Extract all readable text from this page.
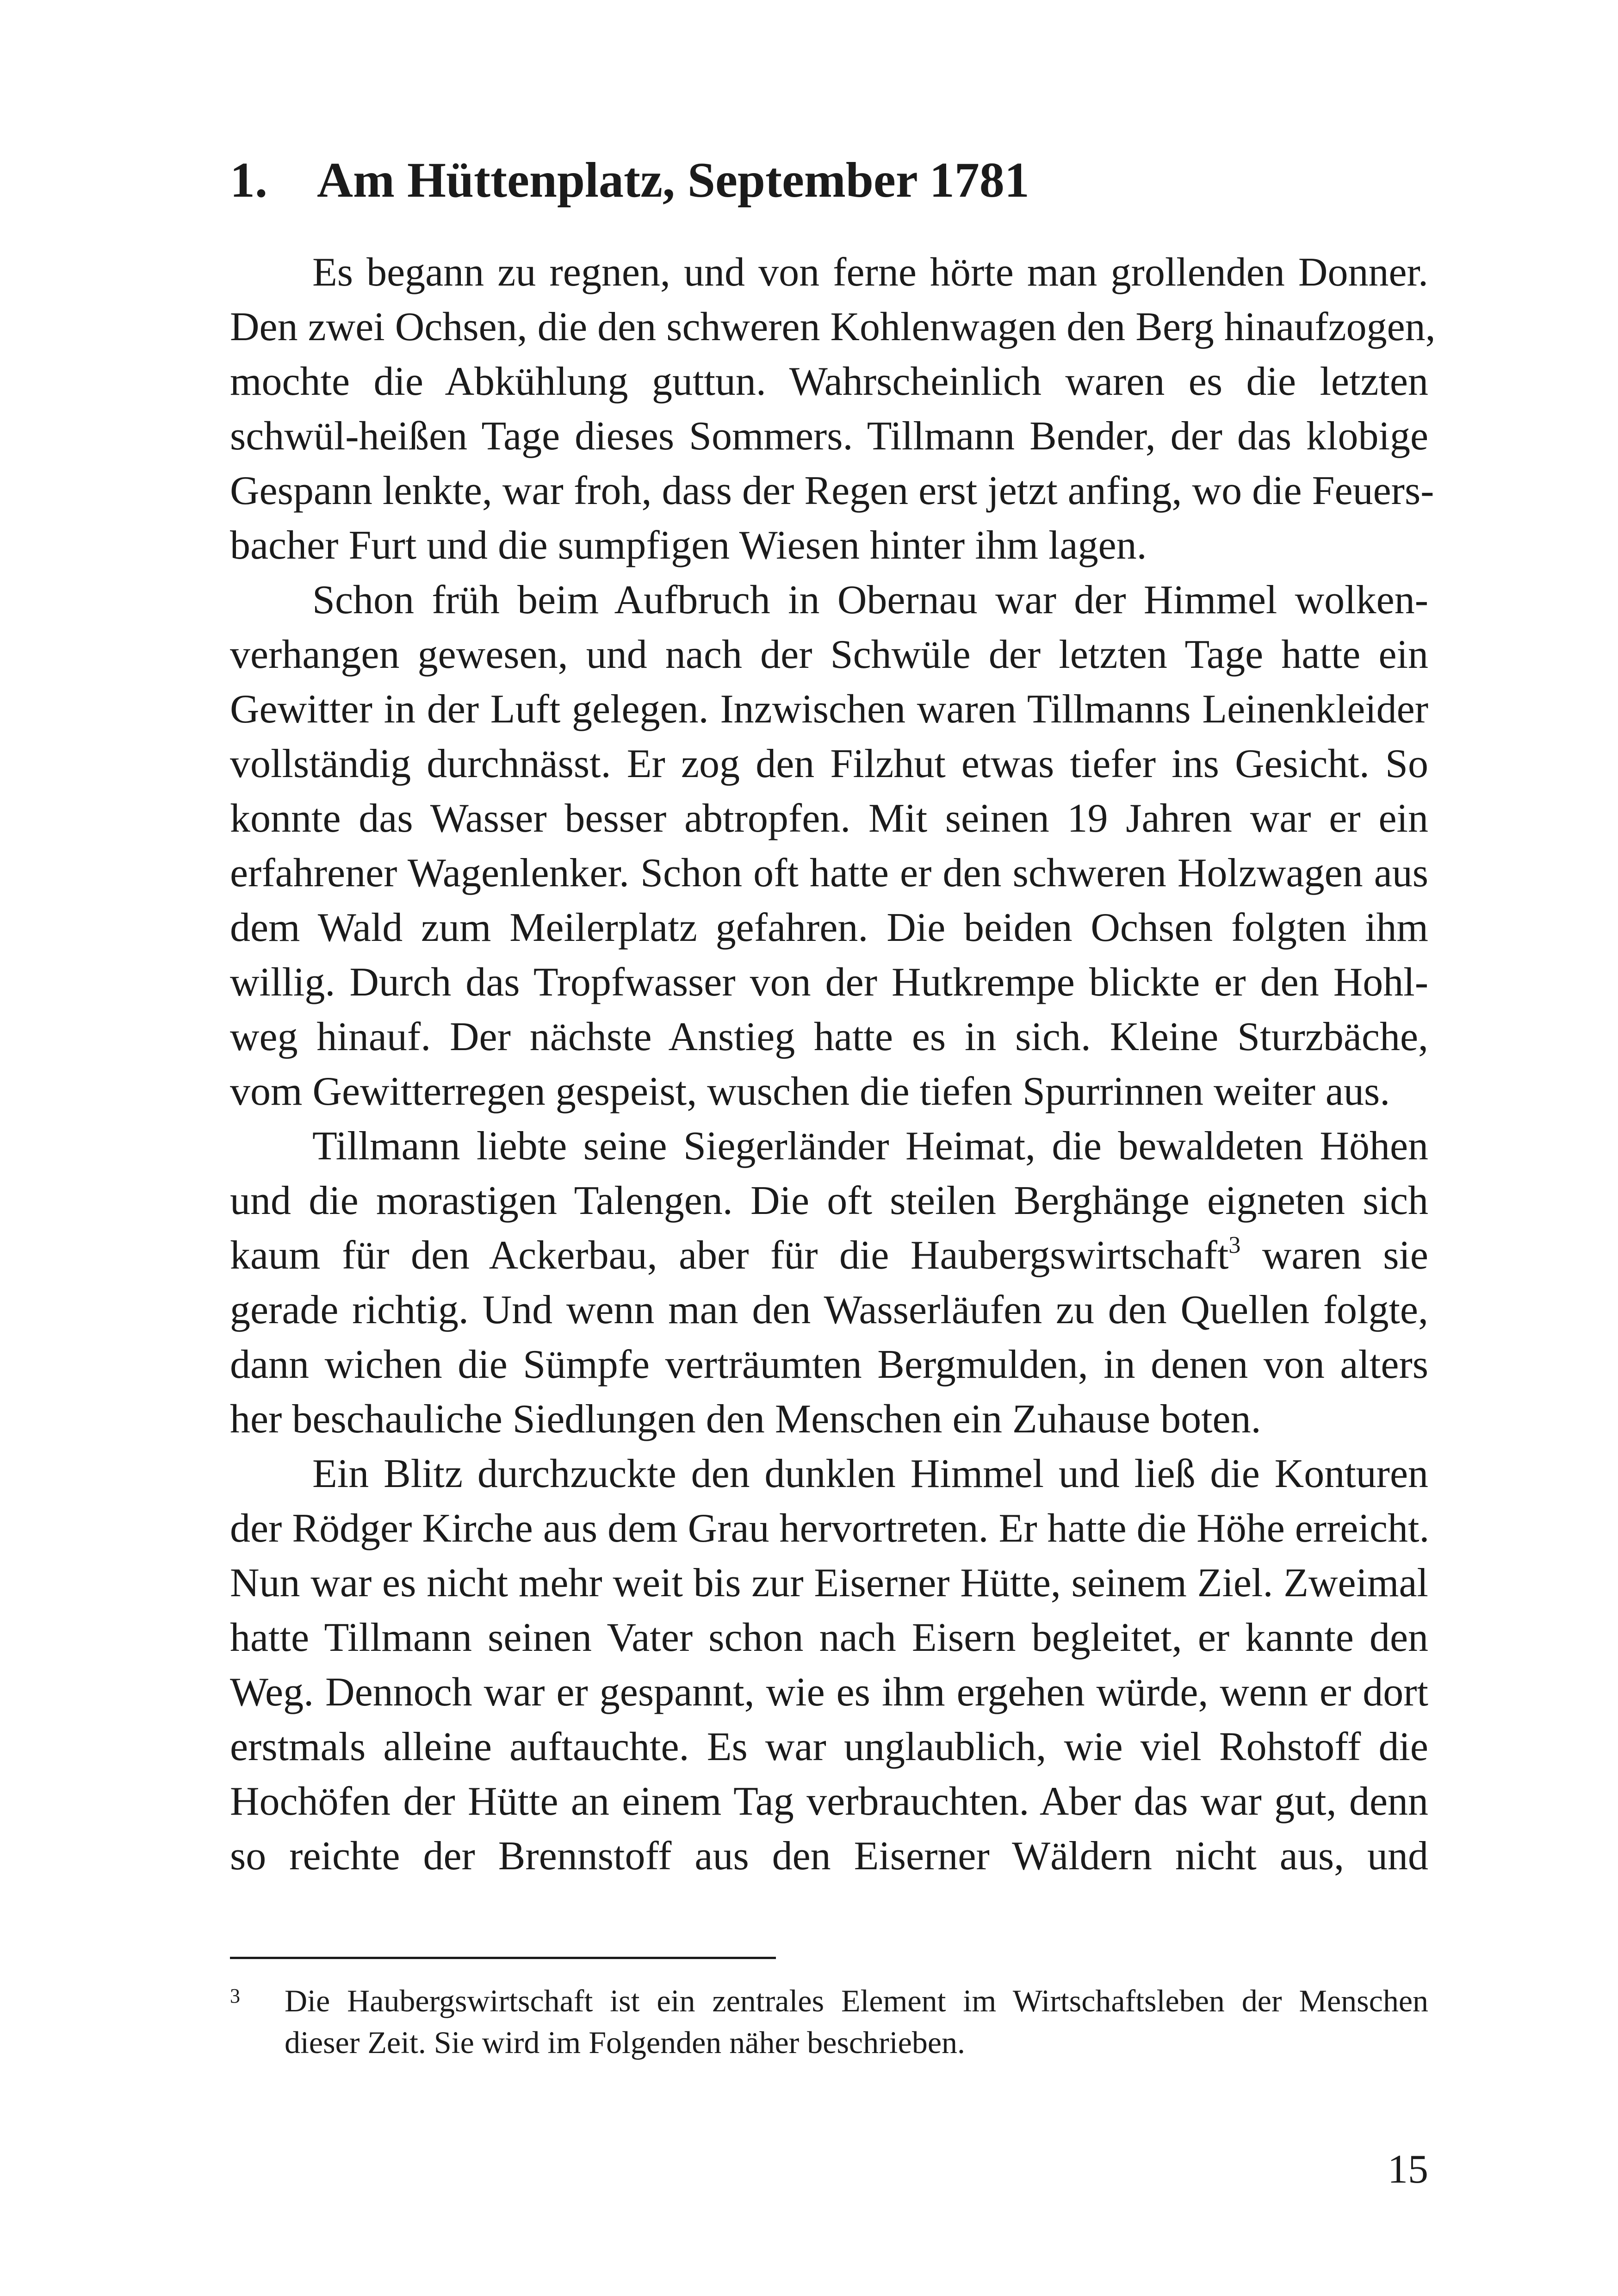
1. Am Hüttenplatz, September 1781
Es begann zu regnen, und von ferne hörte man grollenden Donner.
Den zwei Ochsen, die den schweren Kohlenwagen den Berg hinaufzogen,
mochte die Abkühlung guttun. Wahrscheinlich waren es die letzten
schwül-heißen Tage dieses Sommers. Tillmann Bender, der das klobige
Gespann lenkte, war froh, dass der Regen erst jetzt anfing, wo die Feuers-
bacher Furt und die sumpfigen Wiesen hinter ihm lagen.
Schon früh beim Aufbruch in Obernau war der Himmel wolken-
verhangen gewesen, und nach der Schwüle der letzten Tage hatte ein
Gewitter in der Luft gelegen. Inzwischen waren Tillmanns Leinenkleider
vollständig durchnässt. Er zog den Filzhut etwas tiefer ins Gesicht. So
konnte das Wasser besser abtropfen. Mit seinen 19 Jahren war er ein
erfahrener Wagenlenker. Schon oft hatte er den schweren Holzwagen aus
dem Wald zum Meilerplatz gefahren. Die beiden Ochsen folgten ihm
willig. Durch das Tropfwasser von der Hutkrempe blickte er den Hohl-
weg hinauf. Der nächste Anstieg hatte es in sich. Kleine Sturzbäche,
vom Gewitterregen gespeist, wuschen die tiefen Spurrinnen weiter aus.
Tillmann liebte seine Siegerländer Heimat, die bewaldeten Höhen
und die morastigen Talengen. Die oft steilen Berghänge eigneten sich
kaum für den Ackerbau, aber für die Haubergswirtschaft$^3$ waren sie
gerade richtig. Und wenn man den Wasserläufen zu den Quellen folgte,
dann wichen die Sümpfe verträumten Bergmulden, in denen von alters
her beschauliche Siedlungen den Menschen ein Zuhause boten.
Ein Blitz durchzuckte den dunklen Himmel und ließ die Konturen
der Rödger Kirche aus dem Grau hervortreten. Er hatte die Höhe erreicht.
Nun war es nicht mehr weit bis zur Eiserner Hütte, seinem Ziel. Zweimal
hatte Tillmann seinen Vater schon nach Eisern begleitet, er kannte den
Weg. Dennoch war er gespannt, wie es ihm ergehen würde, wenn er dort
erstmals alleine auftauchte. Es war unglaublich, wie viel Rohstoff die
Hochöfen der Hütte an einem Tag verbrauchten. Aber das war gut, denn
so reichte der Brennstoff aus den Eiserner Wäldern nicht aus, und
3 Die Haubergswirtschaft ist ein zentrales Element im Wirtschaftsleben der Menschen
dieser Zeit. Sie wird im Folgenden näher beschrieben.
15
